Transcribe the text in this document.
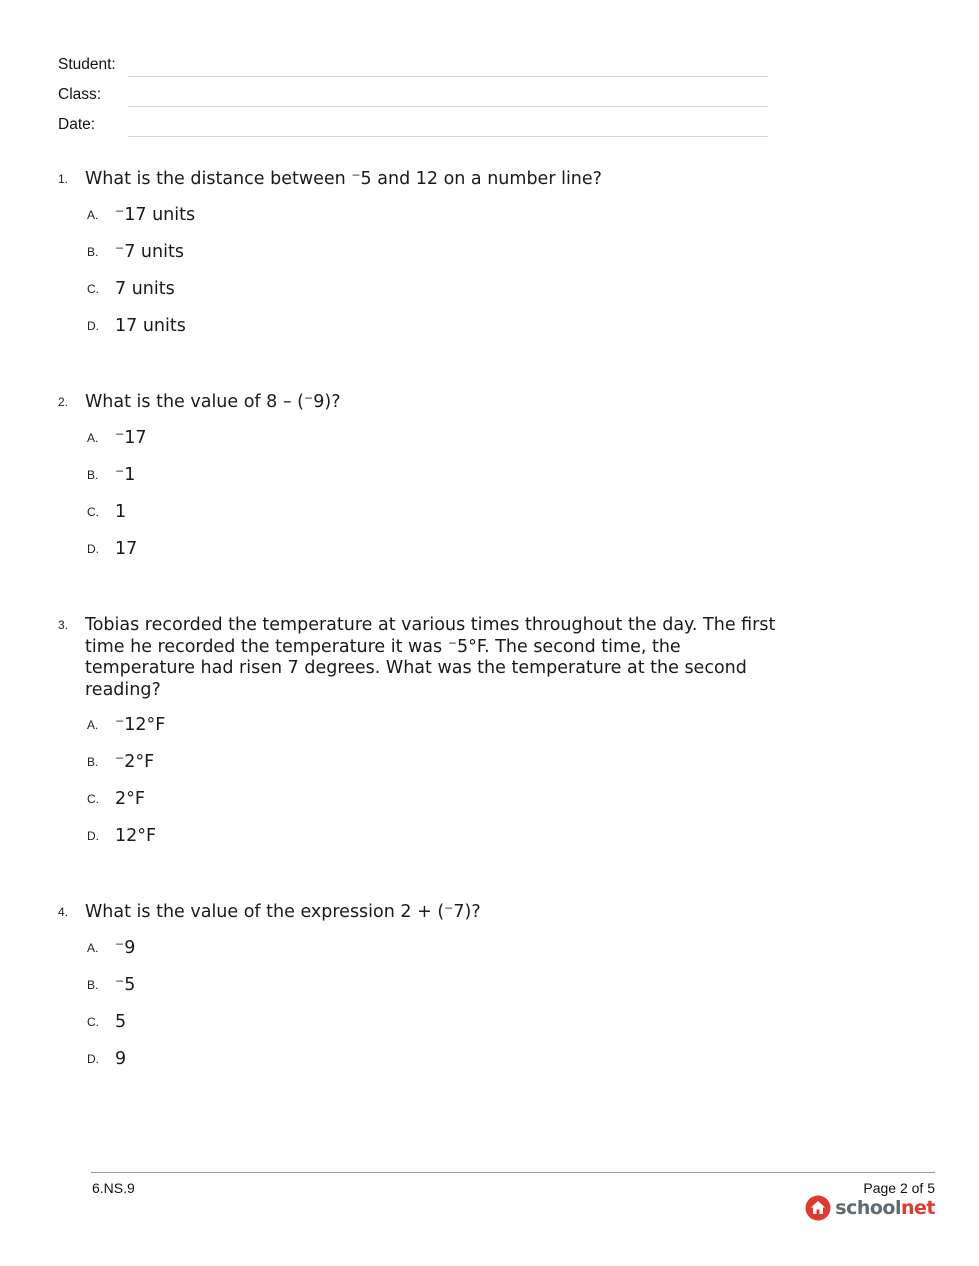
Student:
Class:
Date:
1. What is the distance between ⁻5 and 12 on a number line?
A. ⁻17 units
B. ⁻7 units
C. 7 units
D. 17 units
2. What is the value of 8 – (⁻9)?
A. ⁻17
B. ⁻1
C. 1
D. 17
3. Tobias recorded the temperature at various times throughout the day. The first time he recorded the temperature it was ⁻5°F. The second time, the temperature had risen 7 degrees. What was the temperature at the second reading?
A. ⁻12°F
B. ⁻2°F
C. 2°F
D. 12°F
4. What is the value of the expression 2 + (⁻7)?
A. ⁻9
B. ⁻5
C. 5
D. 9
6.NS.9	Page 2 of 5
schoolnet
